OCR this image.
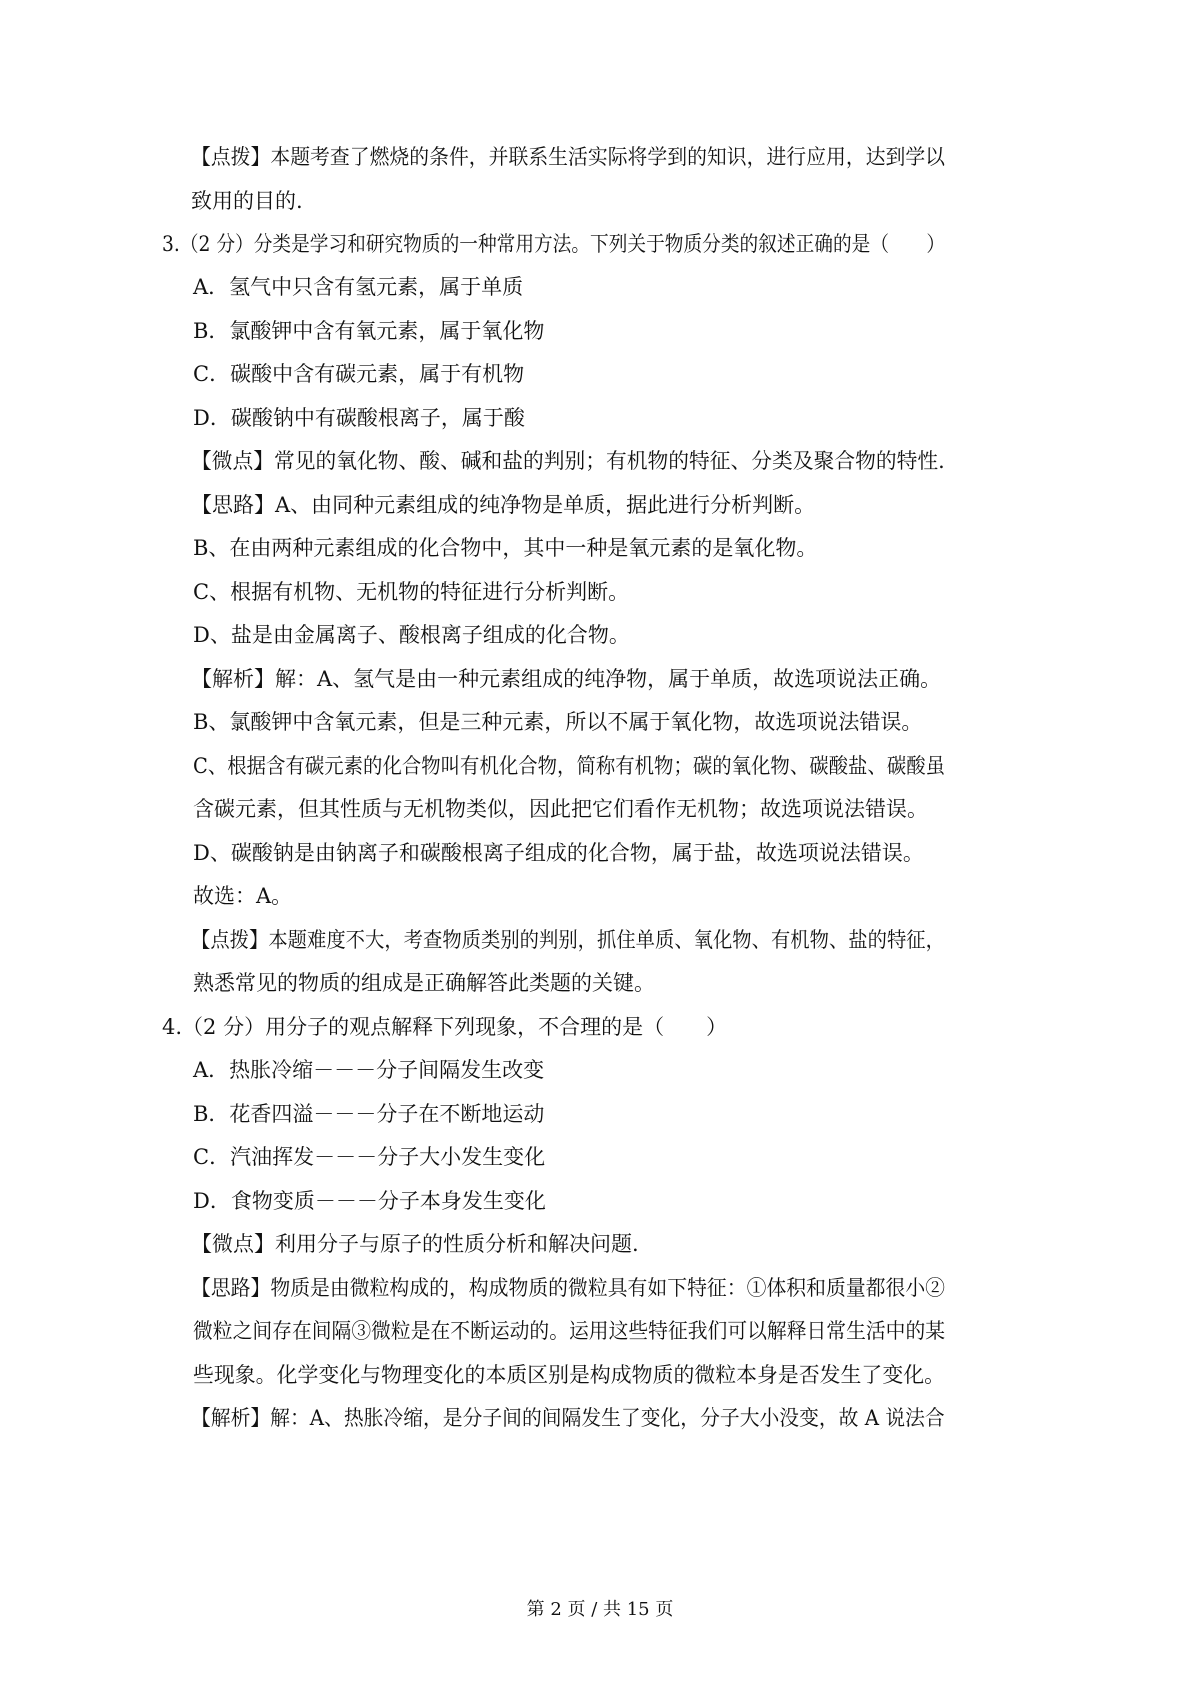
【点拨】本题考查了燃烧的条件，并联系生活实际将学到的知识，进行应用，达到学以
致用的目的.
3.（2 分）分类是学习和研究物质的一种常用方法。下列关于物质分类的叙述正确的是（　　）
A．氢气中只含有氢元素，属于单质
B．氯酸钾中含有氧元素，属于氧化物
C．碳酸中含有碳元素，属于有机物
D．碳酸钠中有碳酸根离子，属于酸
【微点】常见的氧化物、酸、碱和盐的判别；有机物的特征、分类及聚合物的特性.
【思路】A、由同种元素组成的纯净物是单质，据此进行分析判断。
B、在由两种元素组成的化合物中，其中一种是氧元素的是氧化物。
C、根据有机物、无机物的特征进行分析判断。
D、盐是由金属离子、酸根离子组成的化合物。
【解析】解：A、氢气是由一种元素组成的纯净物，属于单质，故选项说法正确。
B、氯酸钾中含氧元素，但是三种元素，所以不属于氧化物，故选项说法错误。
C、根据含有碳元素的化合物叫有机化合物，简称有机物；碳的氧化物、碳酸盐、碳酸虽
含碳元素，但其性质与无机物类似，因此把它们看作无机物；故选项说法错误。
D、碳酸钠是由钠离子和碳酸根离子组成的化合物，属于盐，故选项说法错误。
故选：A。
【点拨】本题难度不大，考查物质类别的判别，抓住单质、氧化物、有机物、盐的特征，
熟悉常见的物质的组成是正确解答此类题的关键。
4.（2 分）用分子的观点解释下列现象，不合理的是（　　）
A．热胀冷缩－－－分子间隔发生改变
B．花香四溢－－－分子在不断地运动
C．汽油挥发－－－分子大小发生变化
D．食物变质－－－分子本身发生变化
【微点】利用分子与原子的性质分析和解决问题.
【思路】物质是由微粒构成的，构成物质的微粒具有如下特征：①体积和质量都很小②
微粒之间存在间隔③微粒是在不断运动的。运用这些特征我们可以解释日常生活中的某
些现象。化学变化与物理变化的本质区别是构成物质的微粒本身是否发生了变化。
【解析】解：A、热胀冷缩，是分子间的间隔发生了变化，分子大小没变，故 A 说法合
第 2 页 / 共 15 页
